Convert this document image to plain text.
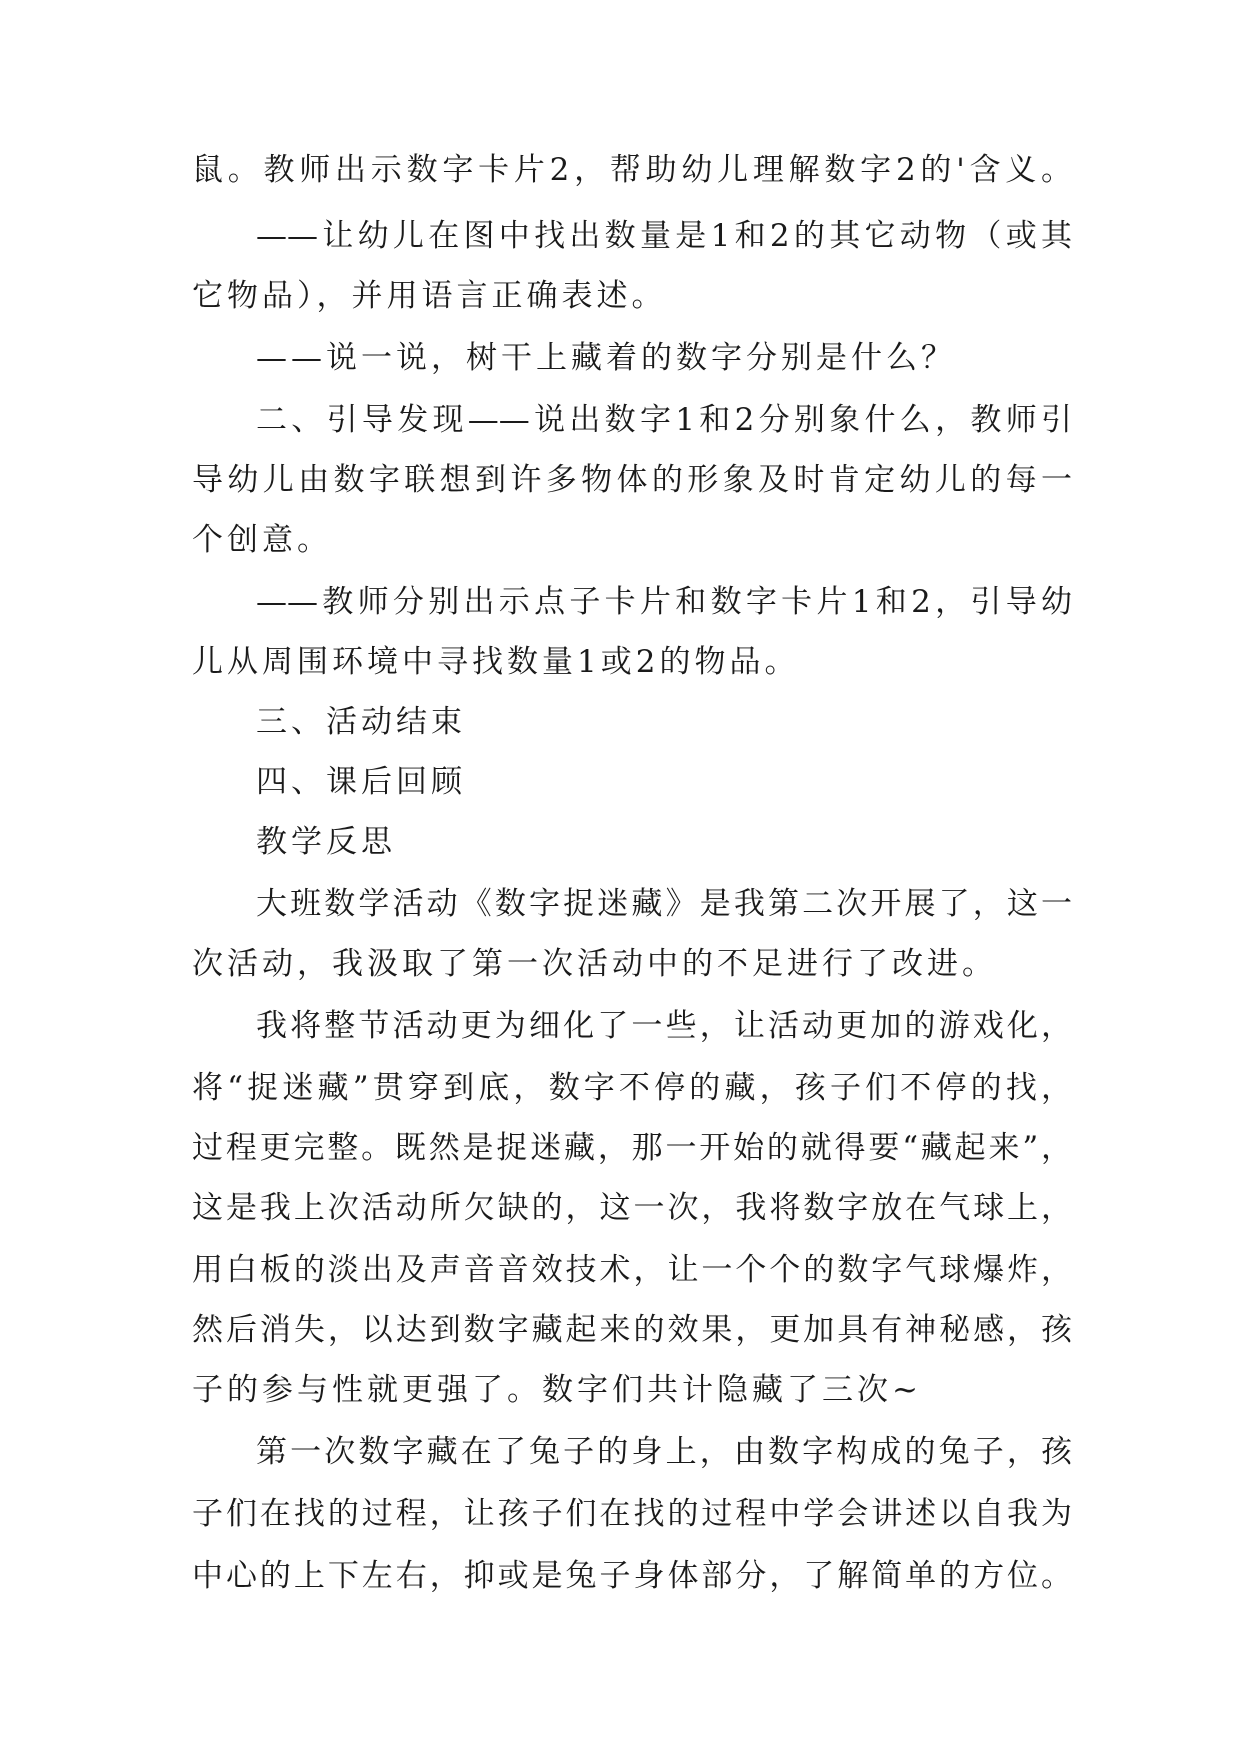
鼠。教师出示数字卡片2，帮助幼儿理解数字2的'含义。
——让幼儿在图中找出数量是1和2的其它动物（或其
它物品），并用语言正确表述。
——说一说，树干上藏着的数字分别是什么？
二、引导发现——说出数字1和2分别象什么，教师引
导幼儿由数字联想到许多物体的形象及时肯定幼儿的每一
个创意。
——教师分别出示点子卡片和数字卡片1和2，引导幼
儿从周围环境中寻找数量1或2的物品。
三、活动结束
四、课后回顾
教学反思
大班数学活动《数字捉迷藏》是我第二次开展了，这一
次活动，我汲取了第一次活动中的不足进行了改进。
我将整节活动更为细化了一些，让活动更加的游戏化，
将“捉迷藏”贯穿到底，数字不停的藏，孩子们不停的找，
过程更完整。既然是捉迷藏，那一开始的就得要“藏起来”，
这是我上次活动所欠缺的，这一次，我将数字放在气球上，
用白板的淡出及声音音效技术，让一个个的数字气球爆炸，
然后消失，以达到数字藏起来的效果，更加具有神秘感，孩
子的参与性就更强了。数字们共计隐藏了三次~
第一次数字藏在了兔子的身上，由数字构成的兔子，孩
子们在找的过程，让孩子们在找的过程中学会讲述以自我为
中心的上下左右，抑或是兔子身体部分，了解简单的方位。
